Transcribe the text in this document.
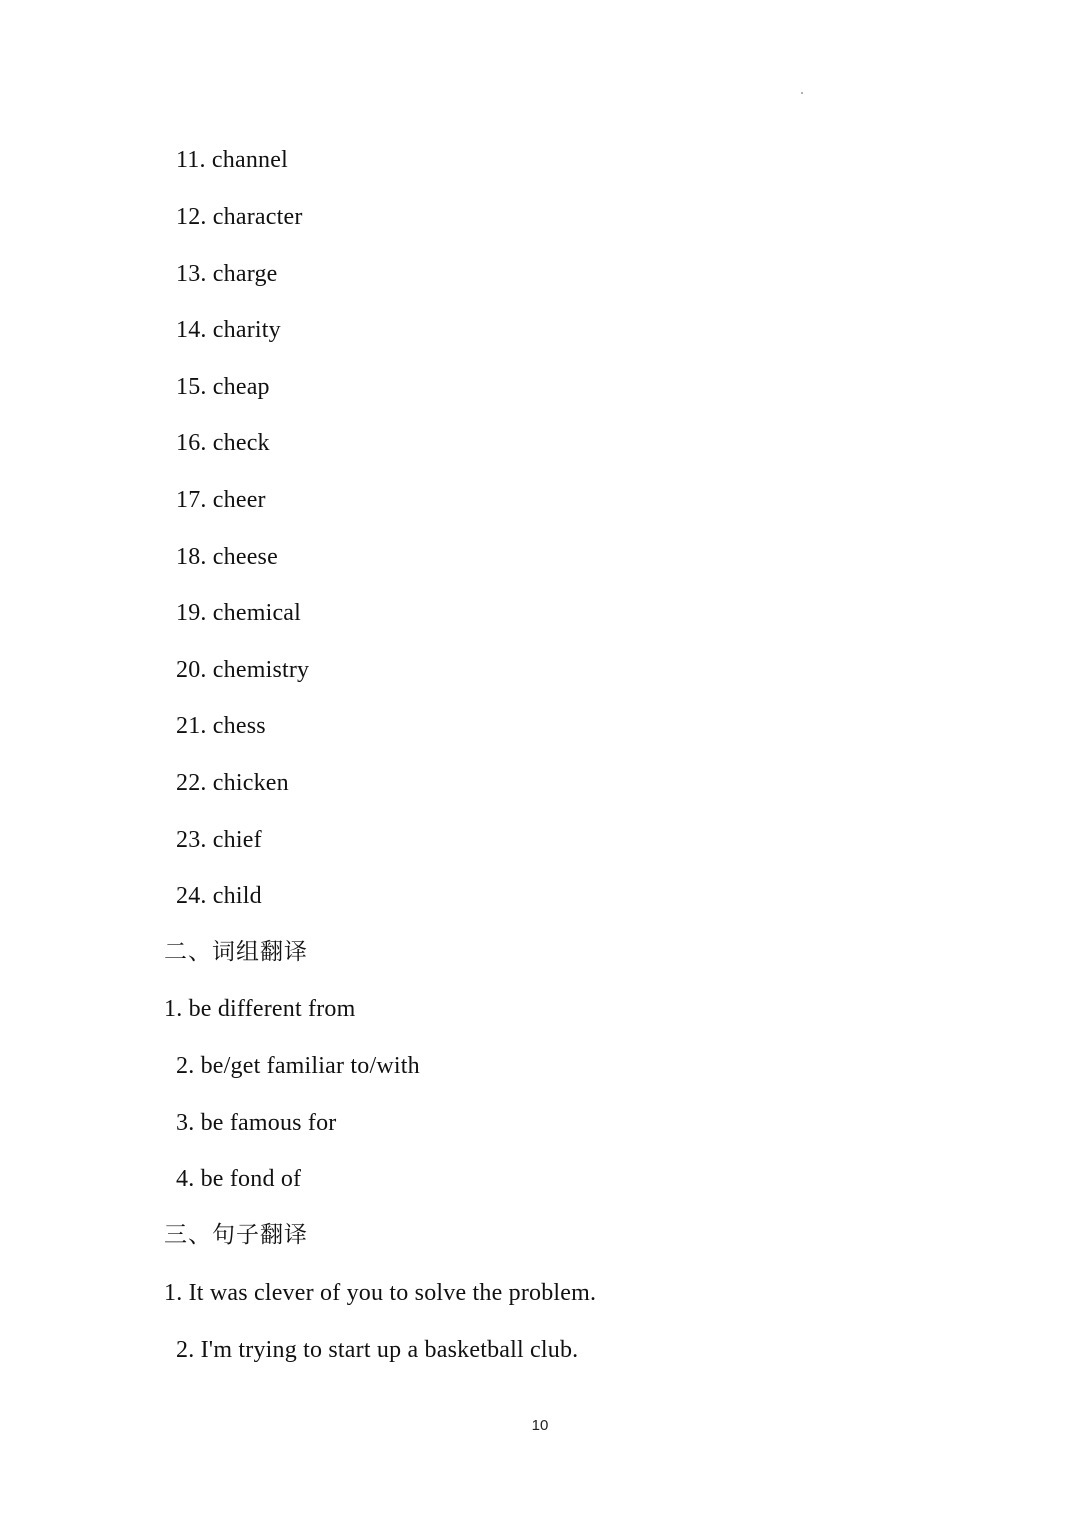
11. channel
12. character
13. charge
14. charity
15. cheap
16. check
17. cheer
18. cheese
19. chemical
20. chemistry
21. chess
22. chicken
23. chief
24. child
二、词组翻译
1. be different from
2. be/get familiar to/with
3. be famous for
4. be fond of
三、句子翻译
1. It was clever of you to solve the problem.
2. I'm trying to start up a basketball club.
10
